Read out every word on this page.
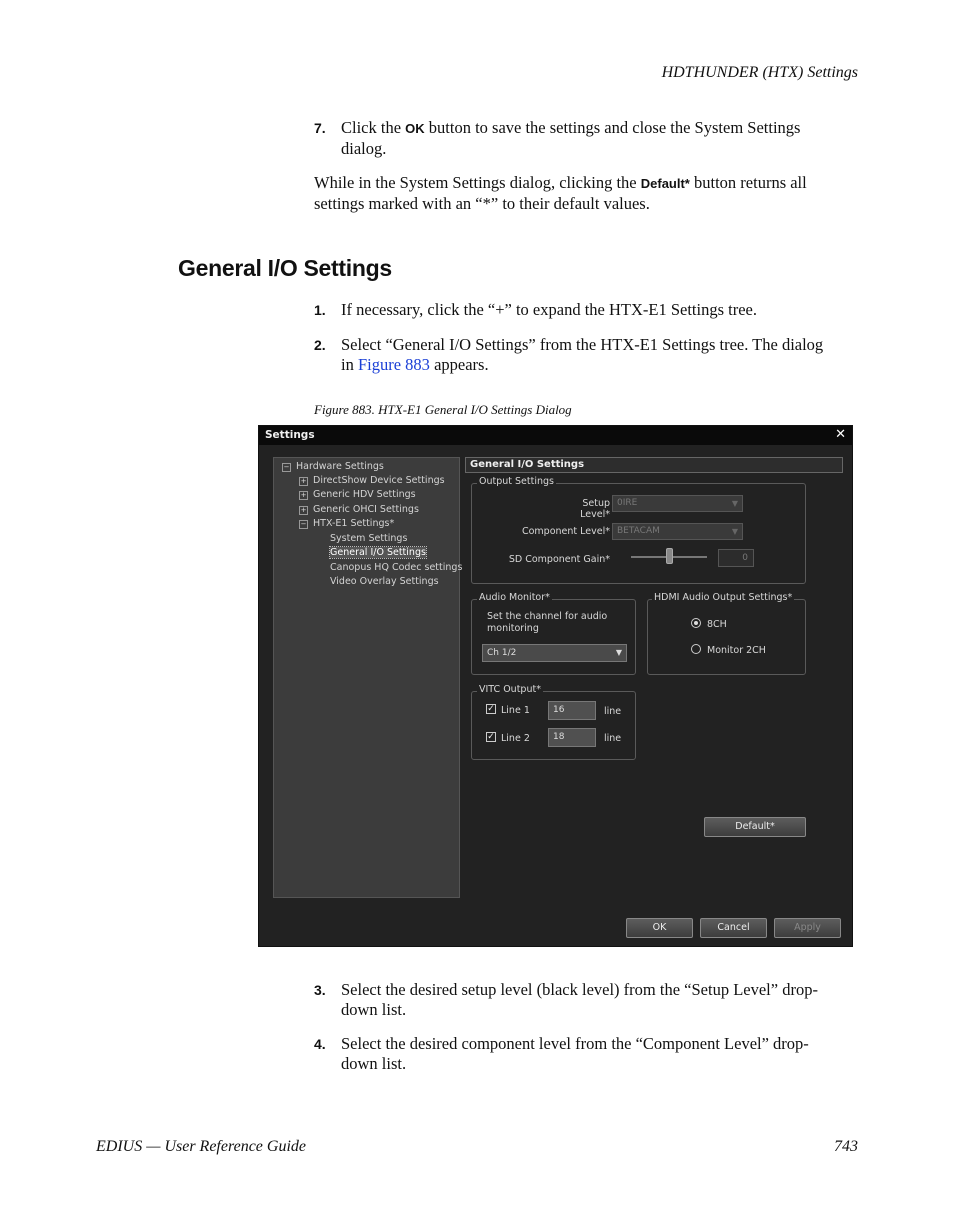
HDTHUNDER (HTX) Settings
7. Click the OK button to save the settings and close the System Settings
dialog.
While in the System Settings dialog, clicking the Default* button returns all
settings marked with an “*” to their default values.
General I/O Settings
1. If necessary, click the “+” to expand the HTX-E1 Settings tree.
2. Select “General I/O Settings” from the HTX-E1 Settings tree. The dialog
in Figure 883 appears.
Figure 883. HTX-E1 General I/O Settings Dialog
Settings	✕
− Hardware Settings
+ DirectShow Device Settings
+ Generic HDV Settings
+ Generic OHCI Settings
− HTX-E1 Settings*
System Settings
General I/O Settings
Canopus HQ Codec settings
Video Overlay Settings
General I/O Settings
Output Settings
Setup Level*
0IRE	▼
Component Level* BETACAM	▼
SD Component Gain*	0
Audio Monitor*
Set the channel for audio
monitoring
Ch 1/2	▼
HDMI Audio Output Settings*
8CH
Monitor 2CH
VITC Output*
✓ Line 1	16	line
✓ Line 2	18	line
Default*
OK	Cancel	Apply
3. Select the desired setup level (black level) from the “Setup Level” drop-
down list.
4. Select the desired component level from the “Component Level” drop-
down list.
EDIUS — User Reference Guide	743
